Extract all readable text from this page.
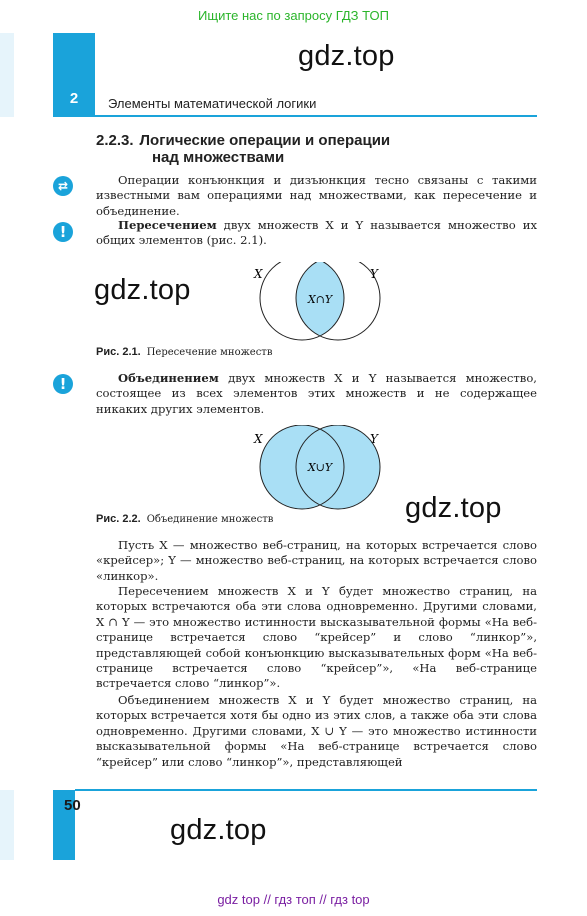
Ищите нас по запросу ГДЗ ТОП
2	Элементы математической логики
gdz.top
2.2.3. Логические операции и операции
над множествами
⇄	Операции конъюнкция и дизъюнкция тесно связаны с такими известными вам операциями над множествами, как пересечение и объединение.
!	Пересечением двух множеств X и Y называется множество их общих элементов (рис. 2.1).
gdz.top	X	Y
X∩Y
Рис. 2.1. Пересечение множеств
!	Объединением двух множеств X и Y называется множество, состоящее из всех элементов этих множеств и не содержащее никаких других элементов.
X	Y
X∪Y
gdz.top
Рис. 2.2. Объединение множеств
Пусть X — множество веб-страниц, на которых встречается слово «крейсер»; Y — множество веб-страниц, на которых встречается слово «линкор».
Пересечением множеств X и Y будет множество страниц, на которых встречаются оба эти слова одновременно. Другими словами, X ∩ Y — это множество истинности высказывательной формы «На веб-странице встречается слово “крейсер” и слово “линкор”», представляющей собой конъюнкцию высказывательных форм «На веб-странице встречается слово “крейсер”», «На веб-странице встречается слово “линкор”».
Объединением множеств X и Y будет множество страниц, на которых встречается хотя бы одно из этих слов, а также оба эти слова одновременно. Другими словами, X ∪ Y — это множество истинности высказывательной формы «На веб-странице встречается слово “крейсер” или слово “линкор”», представляющей
50
gdz.top
gdz top // гдз топ // гдз top
